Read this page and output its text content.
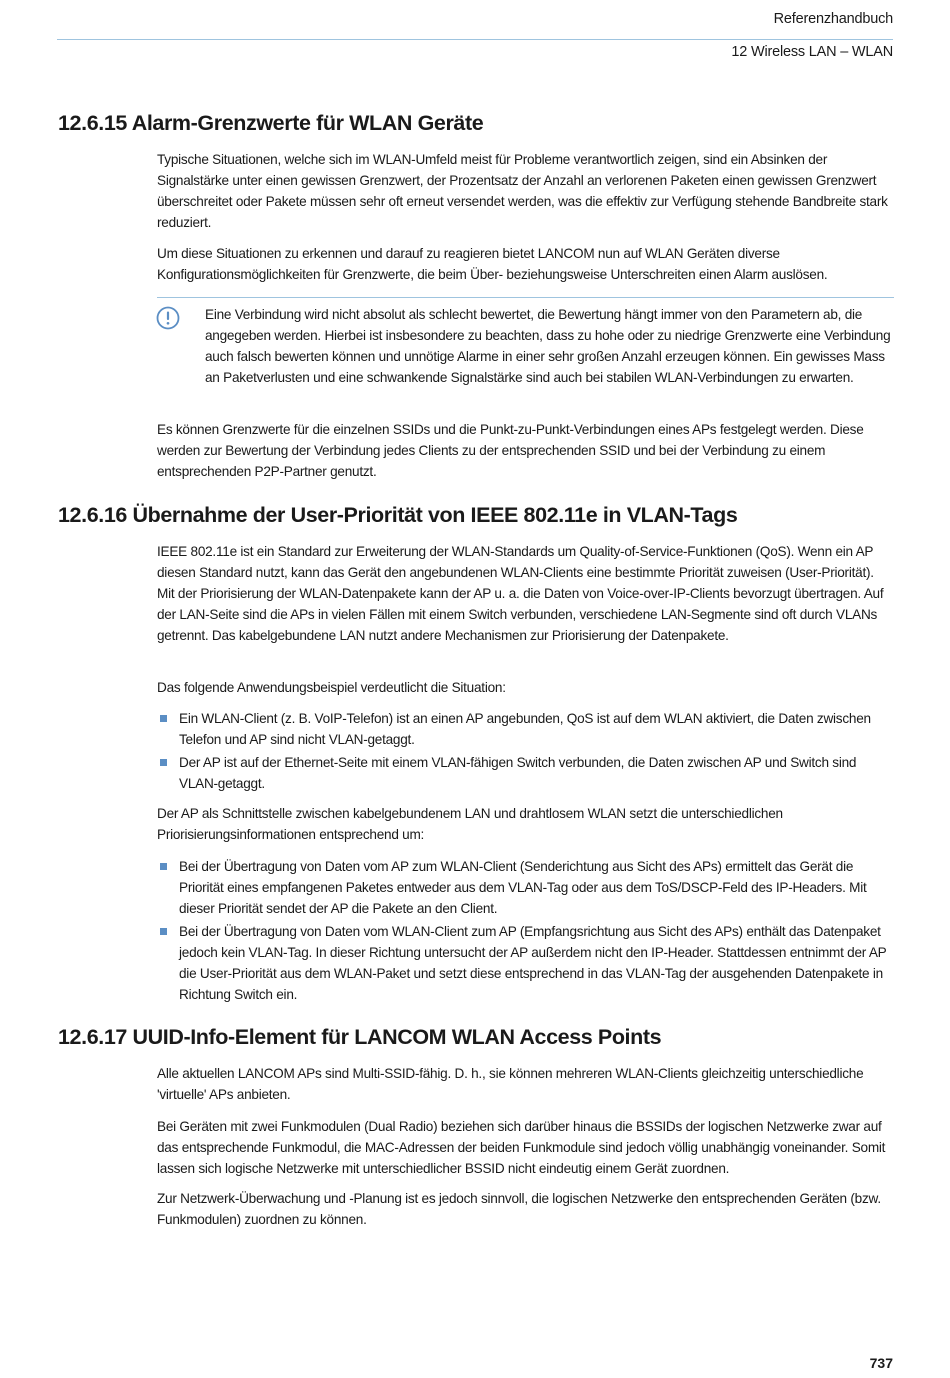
Referenzhandbuch
12 Wireless LAN – WLAN
12.6.15 Alarm-Grenzwerte für WLAN Geräte

Typische Situationen, welche sich im WLAN-Umfeld meist für Probleme verantwortlich zeigen, sind ein Absinken der Signalstärke unter einen gewissen Grenzwert, der Prozentsatz der Anzahl an verlorenen Paketen einen gewissen Grenzwert überschreitet oder Pakete müssen sehr oft erneut versendet werden, was die effektiv zur Verfügung stehende Bandbreite stark reduziert.

Um diese Situationen zu erkennen und darauf zu reagieren bietet LANCOM nun auf WLAN Geräten diverse Konfigurationsmöglichkeiten für Grenzwerte, die beim Über- beziehungsweise Unterschreiten einen Alarm auslösen.

Eine Verbindung wird nicht absolut als schlecht bewertet, die Bewertung hängt immer von den Parametern ab, die angegeben werden. Hierbei ist insbesondere zu beachten, dass zu hohe oder zu niedrige Grenzwerte eine Verbindung auch falsch bewerten können und unnötige Alarme in einer sehr großen Anzahl erzeugen können. Ein gewisses Mass an Paketverlusten und eine schwankende Signalstärke sind auch bei stabilen WLAN-Verbindungen zu erwarten.

Es können Grenzwerte für die einzelnen SSIDs und die Punkt-zu-Punkt-Verbindungen eines APs festgelegt werden. Diese werden zur Bewertung der Verbindung jedes Clients zu der entsprechenden SSID und bei der Verbindung zu einem entsprechenden P2P-Partner genutzt.

12.6.16 Übernahme der User-Priorität von IEEE 802.11e in VLAN-Tags

IEEE 802.11e ist ein Standard zur Erweiterung der WLAN-Standards um Quality-of-Service-Funktionen (QoS). Wenn ein AP diesen Standard nutzt, kann das Gerät den angebundenen WLAN-Clients eine bestimmte Priorität zuweisen (User-Priorität). Mit der Priorisierung der WLAN-Datenpakete kann der AP u. a. die Daten von Voice-over-IP-Clients bevorzugt übertragen. Auf der LAN-Seite sind die APs in vielen Fällen mit einem Switch verbunden, verschiedene LAN-Segmente sind oft durch VLANs getrennt. Das kabelgebundene LAN nutzt andere Mechanismen zur Priorisierung der Datenpakete.

Das folgende Anwendungsbeispiel verdeutlicht die Situation:

Ein WLAN-Client (z. B. VoIP-Telefon) ist an einen AP angebunden, QoS ist auf dem WLAN aktiviert, die Daten zwischen Telefon und AP sind nicht VLAN-getaggt.
Der AP ist auf der Ethernet-Seite mit einem VLAN-fähigen Switch verbunden, die Daten zwischen AP und Switch sind VLAN-getaggt.

Der AP als Schnittstelle zwischen kabelgebundenem LAN und drahtlosem WLAN setzt die unterschiedlichen Priorisierungsinformationen entsprechend um:

Bei der Übertragung von Daten vom AP zum WLAN-Client (Senderichtung aus Sicht des APs) ermittelt das Gerät die Priorität eines empfangenen Paketes entweder aus dem VLAN-Tag oder aus dem ToS/DSCP-Feld des IP-Headers. Mit dieser Priorität sendet der AP die Pakete an den Client.
Bei der Übertragung von Daten vom WLAN-Client zum AP (Empfangsrichtung aus Sicht des APs) enthält das Datenpaket jedoch kein VLAN-Tag. In dieser Richtung untersucht der AP außerdem nicht den IP-Header. Stattdessen entnimmt der AP die User-Priorität aus dem WLAN-Paket und setzt diese entsprechend in das VLAN-Tag der ausgehenden Datenpakete in Richtung Switch ein.
12.6.17 UUID-Info-Element für LANCOM WLAN Access Points

Alle aktuellen LANCOM APs sind Multi-SSID-fähig. D. h., sie können mehreren WLAN-Clients gleichzeitig unterschiedliche 'virtuelle' APs anbieten.

Bei Geräten mit zwei Funkmodulen (Dual Radio) beziehen sich darüber hinaus die BSSIDs der logischen Netzwerke zwar auf das entsprechende Funkmodul, die MAC-Adressen der beiden Funkmodule sind jedoch völlig unabhängig voneinander. Somit lassen sich logische Netzwerke mit unterschiedlicher BSSID nicht eindeutig einem Gerät zuordnen.

Zur Netzwerk-Überwachung und -Planung ist es jedoch sinnvoll, die logischen Netzwerke den entsprechenden Geräten (bzw. Funkmodulen) zuordnen zu können.

737
